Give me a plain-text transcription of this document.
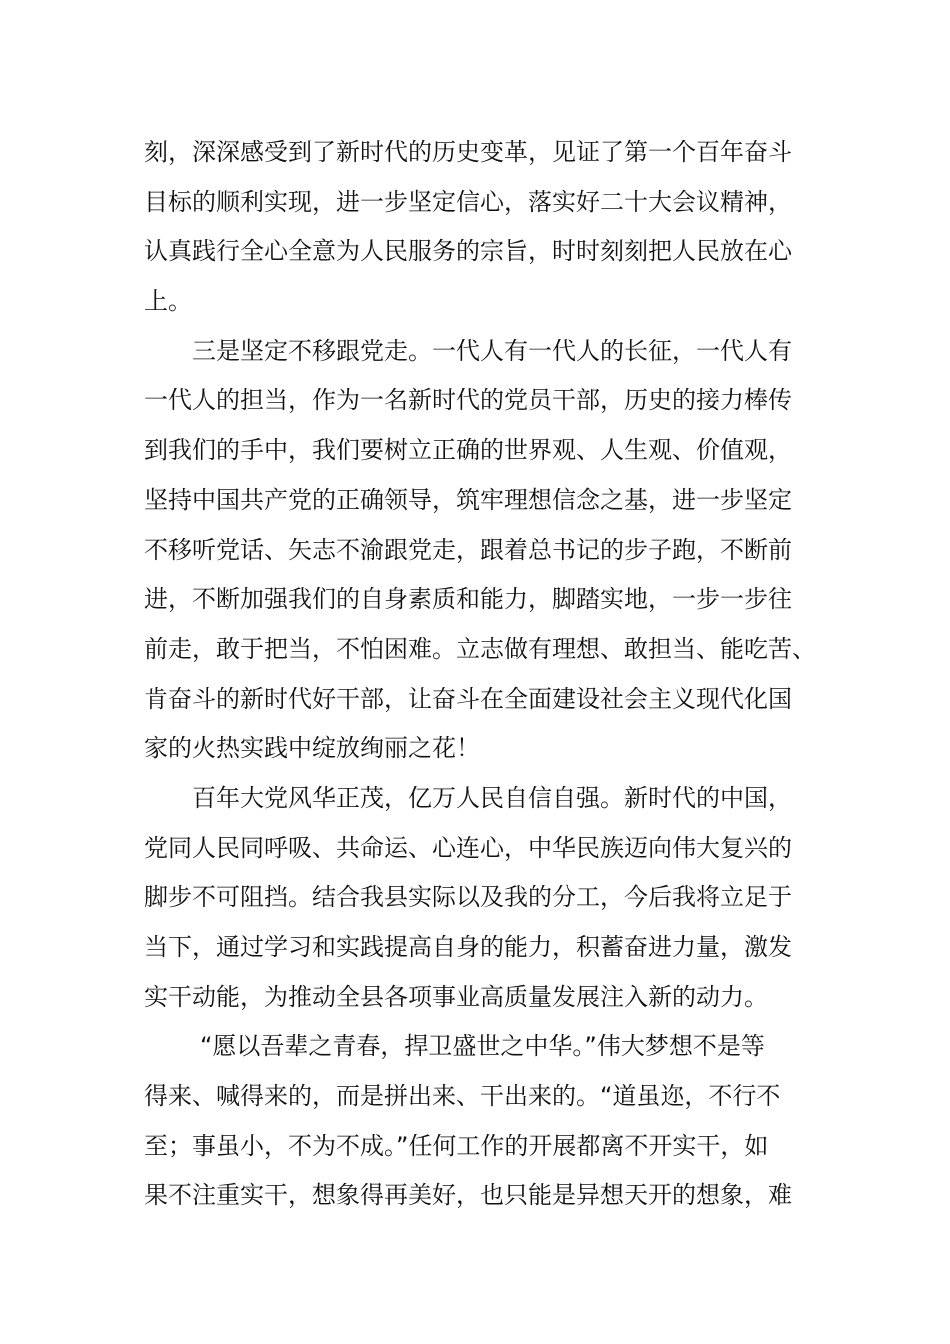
刻，深深感受到了新时代的历史变革，见证了第一个百年奋斗
目标的顺利实现，进一步坚定信心，落实好二十大会议精神，
认真践行全心全意为人民服务的宗旨，时时刻刻把人民放在心
上。
三是坚定不移跟党走。一代人有一代人的长征，一代人有
一代人的担当，作为一名新时代的党员干部，历史的接力棒传
到我们的手中，我们要树立正确的世界观、人生观、价值观，
坚持中国共产党的正确领导，筑牢理想信念之基，进一步坚定
不移听党话、矢志不渝跟党走，跟着总书记的步子跑，不断前
进，不断加强我们的自身素质和能力，脚踏实地，一步一步往
前走，敢于把当，不怕困难。立志做有理想、敢担当、能吃苦、
肯奋斗的新时代好干部，让奋斗在全面建设社会主义现代化国
家的火热实践中绽放绚丽之花！
百年大党风华正茂，亿万人民自信自强。新时代的中国，
党同人民同呼吸、共命运、心连心，中华民族迈向伟大复兴的
脚步不可阻挡。结合我县实际以及我的分工，今后我将立足于
当下，通过学习和实践提高自身的能力，积蓄奋进力量，激发
实干动能，为推动全县各项事业高质量发展注入新的动力。
“愿以吾辈之青春，捍卫盛世之中华。”伟大梦想不是等
得来、喊得来的，而是拼出来、干出来的。“道虽迩，不行不
至；事虽小，不为不成。”任何工作的开展都离不开实干，如
果不注重实干，想象得再美好，也只能是异想天开的想象，难
